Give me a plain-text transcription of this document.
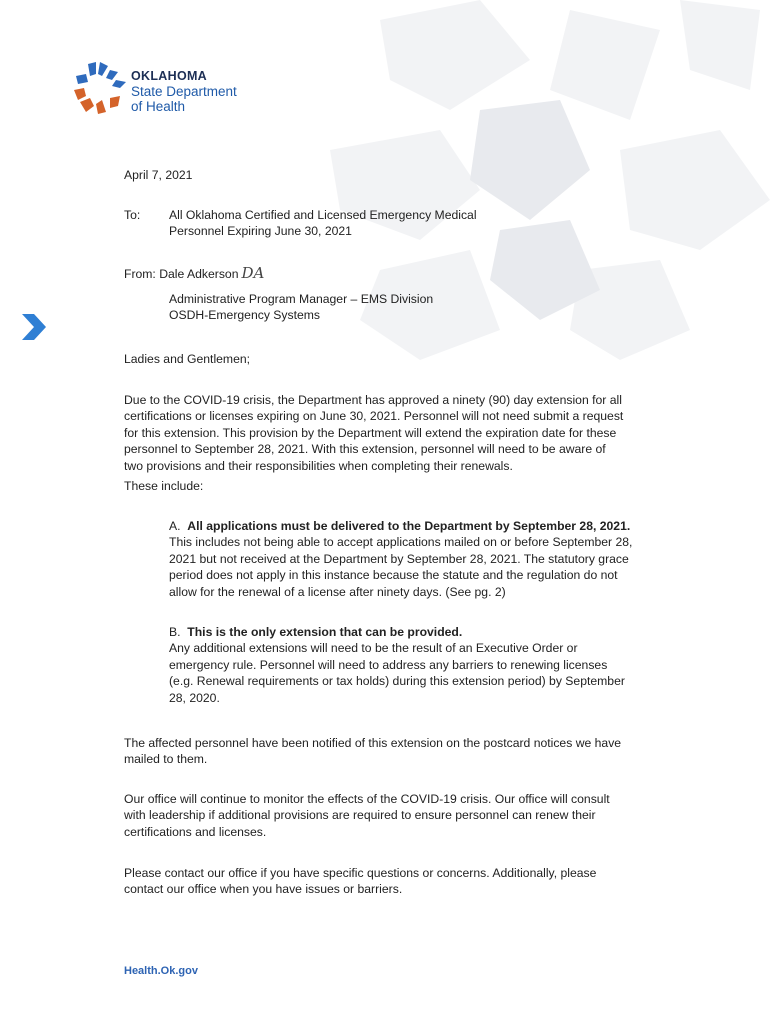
OKLAHOMA
State Department
of Health

April 7, 2021

To: All Oklahoma Certified and Licensed Emergency Medical
Personnel Expiring June 30, 2021

From: Dale Adkerson DA

Administrative Program Manager – EMS Division
OSDH-Emergency Systems

Ladies and Gentlemen;

Due to the COVID-19 crisis, the Department has approved a ninety (90) day extension for all
certifications or licenses expiring on June 30, 2021. Personnel will not need submit a request
for this extension. This provision by the Department will extend the expiration date for these
personnel to September 28, 2021. With this extension, personnel will need to be aware of
two provisions and their responsibilities when completing their renewals.

These include:

A. All applications must be delivered to the Department by September 28, 2021.
This includes not being able to accept applications mailed on or before September 28,
2021 but not received at the Department by September 28, 2021. The statutory grace
period does not apply in this instance because the statute and the regulation do not
allow for the renewal of a license after ninety days. (See pg. 2)
B. This is the only extension that can be provided.
Any additional extensions will need to be the result of an Executive Order or
emergency rule. Personnel will need to address any barriers to renewing licenses
(e.g. Renewal requirements or tax holds) during this extension period) by September
28, 2020.
The affected personnel have been notified of this extension on the postcard notices we have
mailed to them.
Our office will continue to monitor the effects of the COVID-19 crisis. Our office will consult
with leadership if additional provisions are required to ensure personnel can renew their
certifications and licenses.
Please contact our office if you have specific questions or concerns. Additionally, please
contact our office when you have issues or barriers.
Health.Ok.gov
